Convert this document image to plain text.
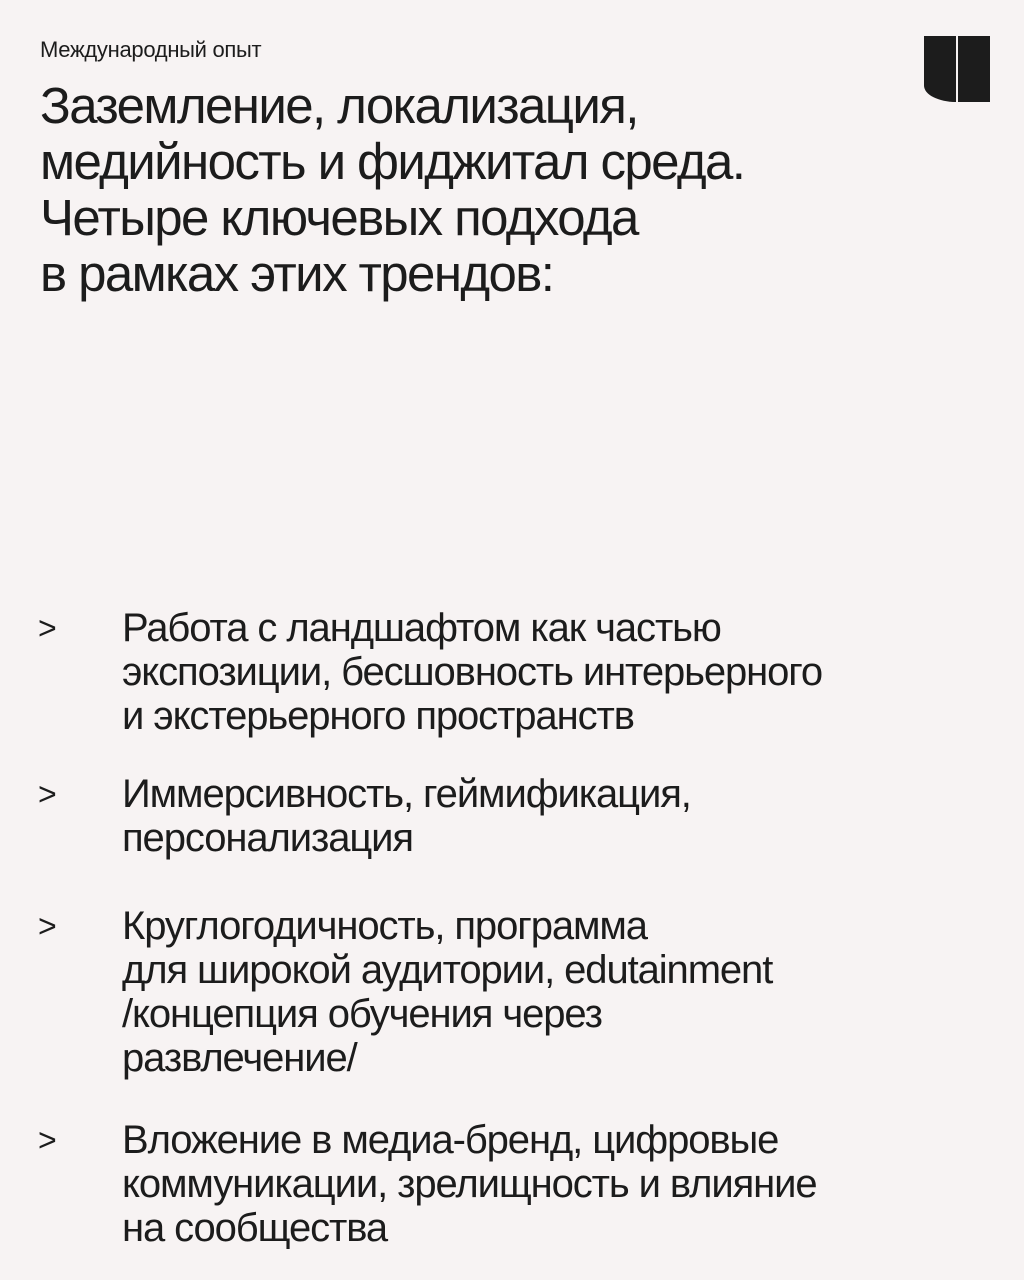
Международный опыт
Заземление, локализация,
медийность и фиджитал среда.
Четыре ключевых подхода
в рамках этих трендов:
> Работа с ландшафтом как частью
экспозиции, бесшовность интерьерного
и экстерьерного пространств
> Иммерсивность, геймификация,
персонализация
> Круглогодичность, программа
для широкой аудитории, edutainment
/концепция обучения через
развлечение/
> Вложение в медиа-бренд, цифровые
коммуникации, зрелищность и влияние
на сообщества
